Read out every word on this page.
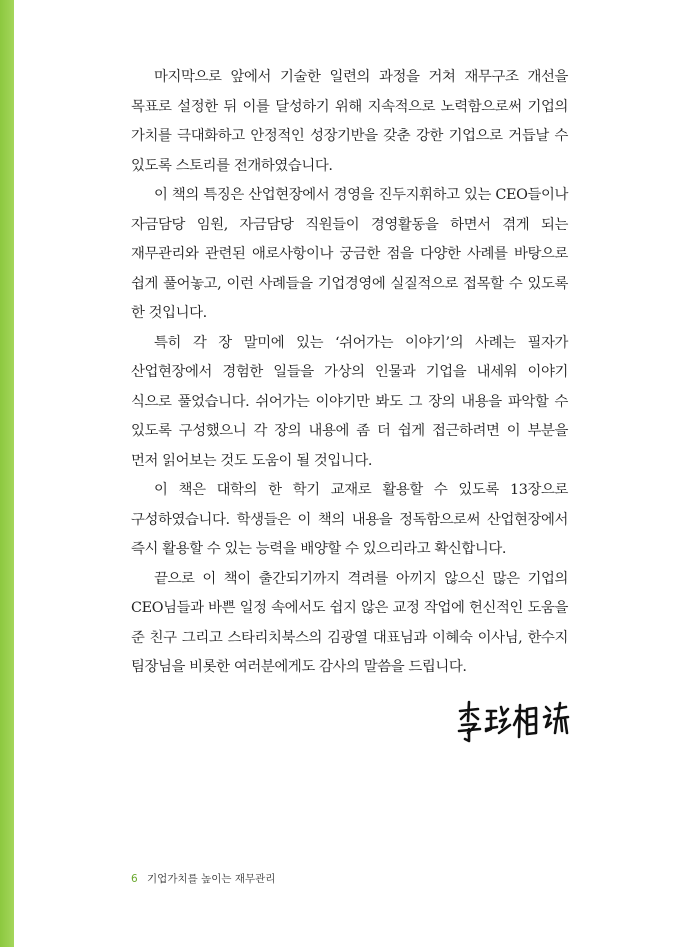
마지막으로 앞에서 기술한 일련의 과정을 거쳐 재무구조 개선을 목표로 설정한 뒤 이를 달성하기 위해 지속적으로 노력함으로써 기업의 가치를 극대화하고 안정적인 성장기반을 갖춘 강한 기업으로 거듭날 수 있도록 스토리를 전개하였습니다.

이 책의 특징은 산업현장에서 경영을 진두지휘하고 있는 CEO들이나 자금담당 임원, 자금담당 직원들이 경영활동을 하면서 겪게 되는 재무관리와 관련된 애로사항이나 궁금한 점을 다양한 사례를 바탕으로 쉽게 풀어놓고, 이런 사례들을 기업경영에 실질적으로 접목할 수 있도록 한 것입니다.

특히 각 장 말미에 있는 ‘쉬어가는 이야기’의 사례는 필자가 산업현장에서 경험한 일들을 가상의 인물과 기업을 내세워 이야기 식으로 풀었습니다. 쉬어가는 이야기만 봐도 그 장의 내용을 파악할 수 있도록 구성했으니 각 장의 내용에 좀 더 쉽게 접근하려면 이 부분을 먼저 읽어보는 것도 도움이 될 것입니다.

이 책은 대학의 한 학기 교재로 활용할 수 있도록 13장으로 구성하였습니다. 학생들은 이 책의 내용을 정독함으로써 산업현장에서 즉시 활용할 수 있는 능력을 배양할 수 있으리라고 확신합니다.

끝으로 이 책이 출간되기까지 격려를 아끼지 않으신 많은 기업의 CEO님들과 바쁜 일정 속에서도 쉽지 않은 교정 작업에 헌신적인 도움을 준 친구 그리고 스타리치북스의 김광열 대표님과 이혜숙 이사님, 한수지 팀장님을 비롯한 여러분에게도 감사의 말씀을 드립니다.

6 기업가치를 높이는 재무관리
